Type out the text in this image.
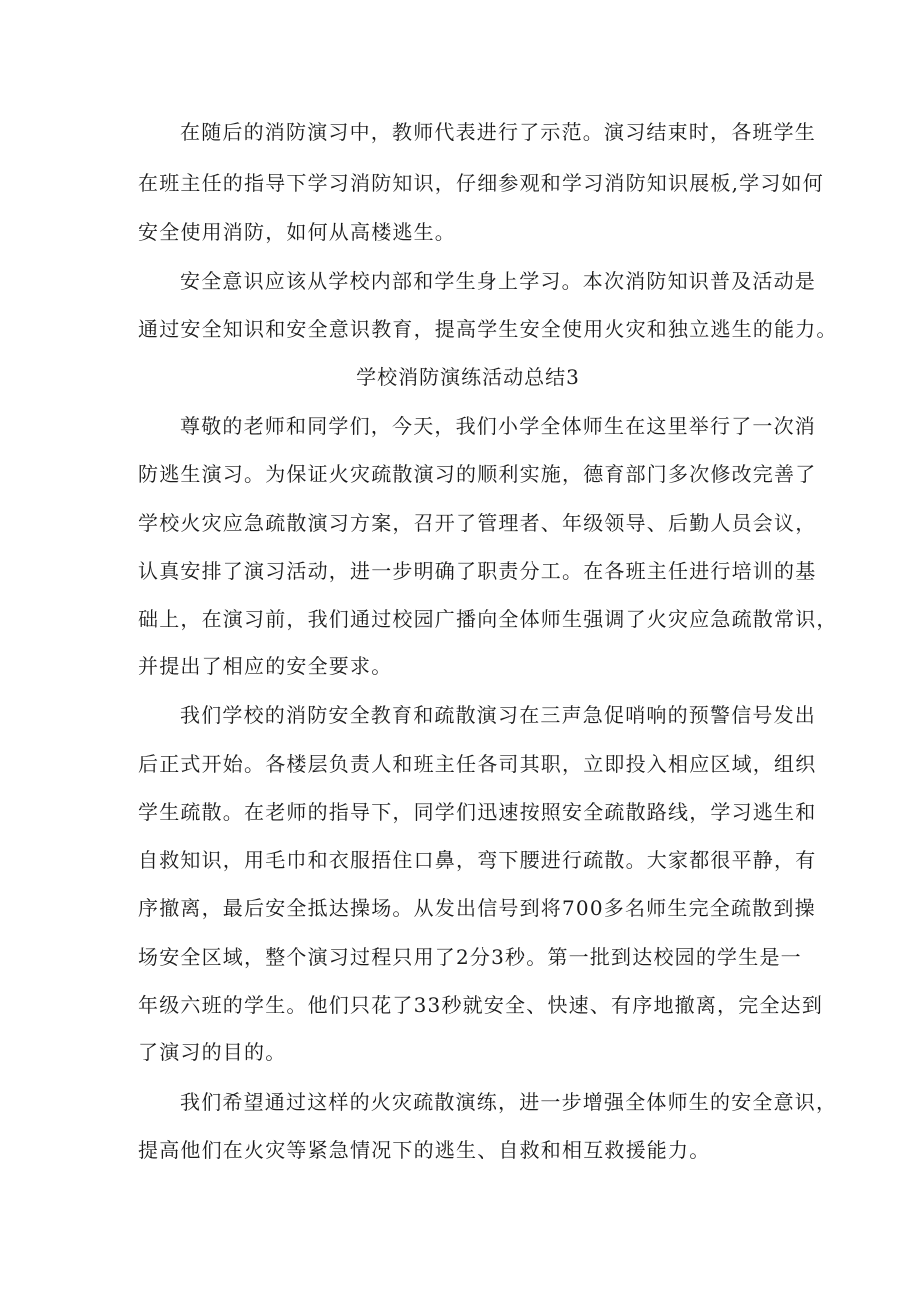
在随后的消防演习中，教师代表进行了示范。演习结束时，各班学生
在班主任的指导下学习消防知识，仔细参观和学习消防知识展板,学习如何
安全使用消防，如何从高楼逃生。
安全意识应该从学校内部和学生身上学习。本次消防知识普及活动是
通过安全知识和安全意识教育，提高学生安全使用火灾和独立逃生的能力。
学校消防演练活动总结3
尊敬的老师和同学们，今天，我们小学全体师生在这里举行了一次消
防逃生演习。为保证火灾疏散演习的顺利实施，德育部门多次修改完善了
学校火灾应急疏散演习方案，召开了管理者、年级领导、后勤人员会议，
认真安排了演习活动，进一步明确了职责分工。在各班主任进行培训的基
础上，在演习前，我们通过校园广播向全体师生强调了火灾应急疏散常识，
并提出了相应的安全要求。
我们学校的消防安全教育和疏散演习在三声急促哨响的预警信号发出
后正式开始。各楼层负责人和班主任各司其职，立即投入相应区域，组织
学生疏散。在老师的指导下，同学们迅速按照安全疏散路线，学习逃生和
自救知识，用毛巾和衣服捂住口鼻，弯下腰进行疏散。大家都很平静，有
序撤离，最后安全抵达操场。从发出信号到将700多名师生完全疏散到操
场安全区域，整个演习过程只用了2分3秒。第一批到达校园的学生是一
年级六班的学生。他们只花了33秒就安全、快速、有序地撤离，完全达到
了演习的目的。
我们希望通过这样的火灾疏散演练，进一步增强全体师生的安全意识，
提高他们在火灾等紧急情况下的逃生、自救和相互救援能力。
